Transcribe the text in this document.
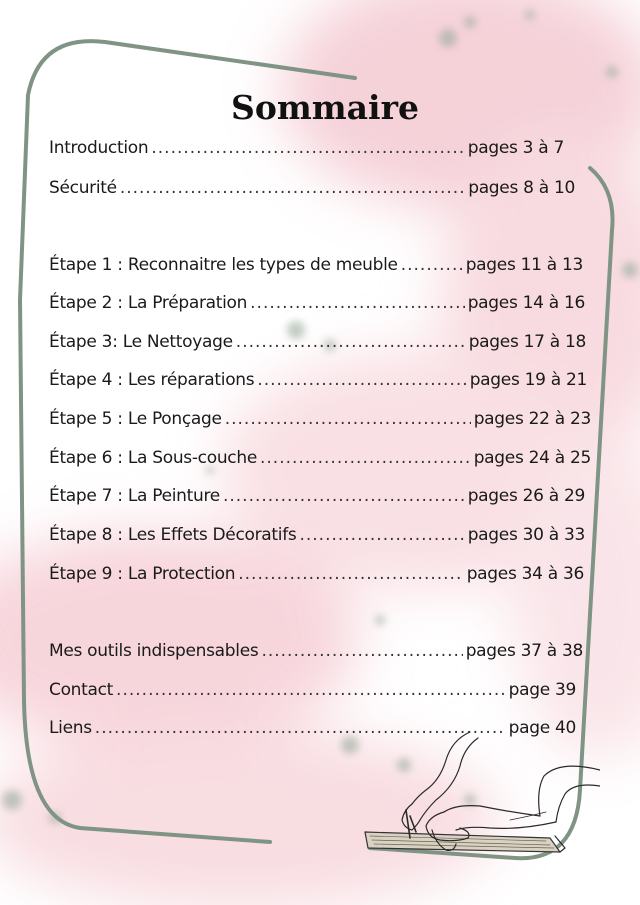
Sommaire
Introduction .....	pages 3 à 7
Sécurité .....	pages 8 à 10
Étape 1 : Reconnaitre les types de meuble .....	pages 11 à 13
Étape 2 : La Préparation .....	pages 14 à 16
Étape 3: Le Nettoyage .....	pages 17 à 18
Étape 4 : Les réparations .....	pages 19 à 21
Étape 5 : Le Ponçage .....	pages 22 à 23
Étape 6 : La Sous-couche .....	pages 24 à 25
Étape 7 : La Peinture .....	pages 26 à 29
Étape 8 : Les Effets Décoratifs .....	pages 30 à 33
Étape 9 : La Protection .....	pages 34 à 36
Mes outils indispensables .....	pages 37 à 38
Contact .....	page 39
Liens .....	page 40
